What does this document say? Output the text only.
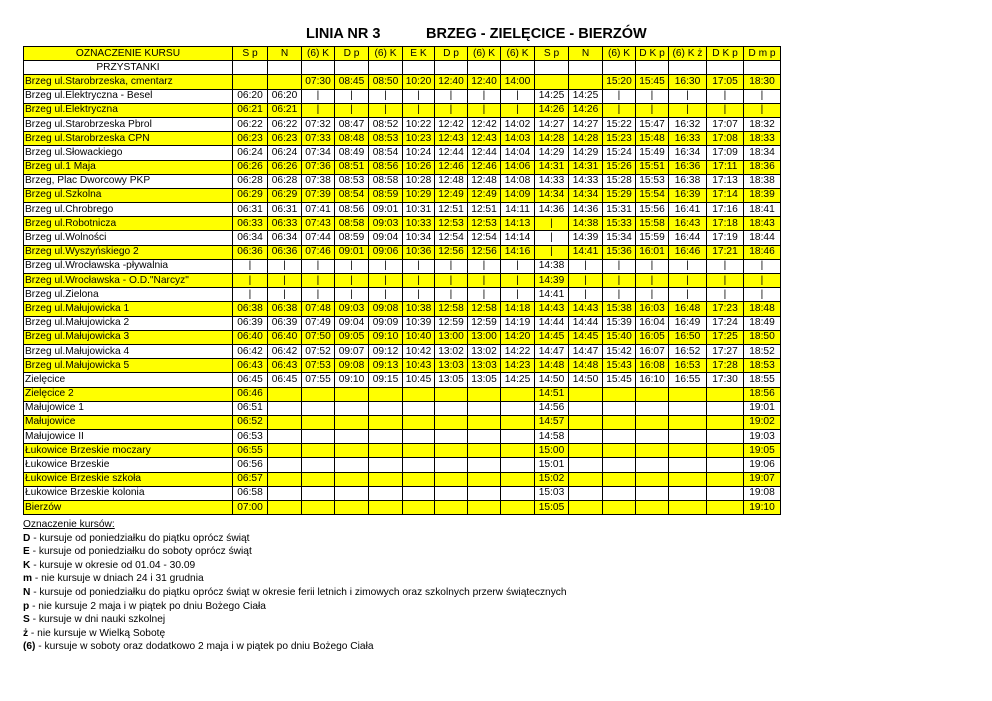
LINIA NR 3	BRZEG - ZIELĘCICE - BIERZÓW
OZNACZENIE KURSU	S p	N	(6) K	D p	(6) K	E K	D p	(6) K	(6) K	S p	N	(6) K	D K p	(6) K ż	D K p	D m p
PRZYSTANKI																
Brzeg ul.Starobrzeska, cmentarz			07:30	08:45	08:50	10:20	12:40	12:40	14:00			15:20	15:45	16:30	17:05	18:30
Brzeg ul.Elektryczna - Besel	06:20	06:20	|	|	|	|	|	|	|	14:25	14:25	|	|	|	|	|
Brzeg ul.Elektryczna	06:21	06:21	|	|	|	|	|	|	|	14:26	14:26	|	|	|	|	|
Brzeg ul.Starobrzeska Pbrol	06:22	06:22	07:32	08:47	08:52	10:22	12:42	12:42	14:02	14:27	14:27	15:22	15:47	16:32	17:07	18:32
Brzeg ul.Starobrzeska CPN	06:23	06:23	07:33	08:48	08:53	10:23	12:43	12:43	14:03	14:28	14:28	15:23	15:48	16:33	17:08	18:33
Brzeg ul.Słowackiego	06:24	06:24	07:34	08:49	08:54	10:24	12:44	12:44	14:04	14:29	14:29	15:24	15:49	16:34	17:09	18:34
Brzeg ul.1 Maja	06:26	06:26	07:36	08:51	08:56	10:26	12:46	12:46	14:06	14:31	14:31	15:26	15:51	16:36	17:11	18:36
Brzeg, Plac Dworcowy PKP	06:28	06:28	07:38	08:53	08:58	10:28	12:48	12:48	14:08	14:33	14:33	15:28	15:53	16:38	17:13	18:38
Brzeg ul.Szkolna	06:29	06:29	07:39	08:54	08:59	10:29	12:49	12:49	14:09	14:34	14:34	15:29	15:54	16:39	17:14	18:39
Brzeg ul.Chrobrego	06:31	06:31	07:41	08:56	09:01	10:31	12:51	12:51	14:11	14:36	14:36	15:31	15:56	16:41	17:16	18:41
Brzeg ul.Robotnicza	06:33	06:33	07:43	08:58	09:03	10:33	12:53	12:53	14:13	|	14:38	15:33	15:58	16:43	17:18	18:43
Brzeg ul.Wolności	06:34	06:34	07:44	08:59	09:04	10:34	12:54	12:54	14:14	|	14:39	15:34	15:59	16:44	17:19	18:44
Brzeg ul.Wyszyńskiego 2	06:36	06:36	07:46	09:01	09:06	10:36	12:56	12:56	14:16	|	14:41	15:36	16:01	16:46	17:21	18:46
Brzeg ul.Wrocławska -pływalnia	|	|	|	|	|	|	|	|	|	14:38	|	|	|	|	|	|
Brzeg ul.Wrocławska - O.D."Narcyz"	|	|	|	|	|	|	|	|	|	14:39	|	|	|	|	|	|
Brzeg ul.Zielona	|	|	|	|	|	|	|	|	|	14:41	|	|	|	|	|	|
Brzeg ul.Małujowicka 1	06:38	06:38	07:48	09:03	09:08	10:38	12:58	12:58	14:18	14:43	14:43	15:38	16:03	16:48	17:23	18:48
Brzeg ul.Małujowicka 2	06:39	06:39	07:49	09:04	09:09	10:39	12:59	12:59	14:19	14:44	14:44	15:39	16:04	16:49	17:24	18:49
Brzeg ul.Małujowicka 3	06:40	06:40	07:50	09:05	09:10	10:40	13:00	13:00	14:20	14:45	14:45	15:40	16:05	16:50	17:25	18:50
Brzeg ul.Małujowicka 4	06:42	06:42	07:52	09:07	09:12	10:42	13:02	13:02	14:22	14:47	14:47	15:42	16:07	16:52	17:27	18:52
Brzeg ul.Małujowicka 5	06:43	06:43	07:53	09:08	09:13	10:43	13:03	13:03	14:23	14:48	14:48	15:43	16:08	16:53	17:28	18:53
Zielęcice	06:45	06:45	07:55	09:10	09:15	10:45	13:05	13:05	14:25	14:50	14:50	15:45	16:10	16:55	17:30	18:55
Zielęcice 2	06:46									14:51						18:56
Małujowice 1	06:51									14:56						19:01
Małujowice	06:52									14:57						19:02
Małujowice II	06:53									14:58						19:03
Łukowice Brzeskie moczary	06:55									15:00						19:05
Łukowice Brzeskie	06:56									15:01						19:06
Łukowice Brzeskie szkoła	06:57									15:02						19:07
Łukowice Brzeskie kolonia	06:58									15:03						19:08
Bierzów	07:00									15:05						19:10
Oznaczenie kursów:
D - kursuje od poniedziałku do piątku oprócz świąt
E - kursuje od poniedziałku do soboty oprócz świąt
K - kursuje w okresie od 01.04 - 30.09
m - nie kursuje w dniach 24 i 31 grudnia
N - kursuje od poniedziałku do piątku oprócz świąt w okresie ferii letnich i zimowych oraz szkolnych przerw świątecznych
p - nie kursuje 2 maja i w piątek po dniu Bożego Ciała
S - kursuje w dni nauki szkolnej
ż - nie kursuje w Wielką Sobotę
(6) - kursuje w soboty oraz dodatkowo 2 maja i w piątek po dniu Bożego Ciała
